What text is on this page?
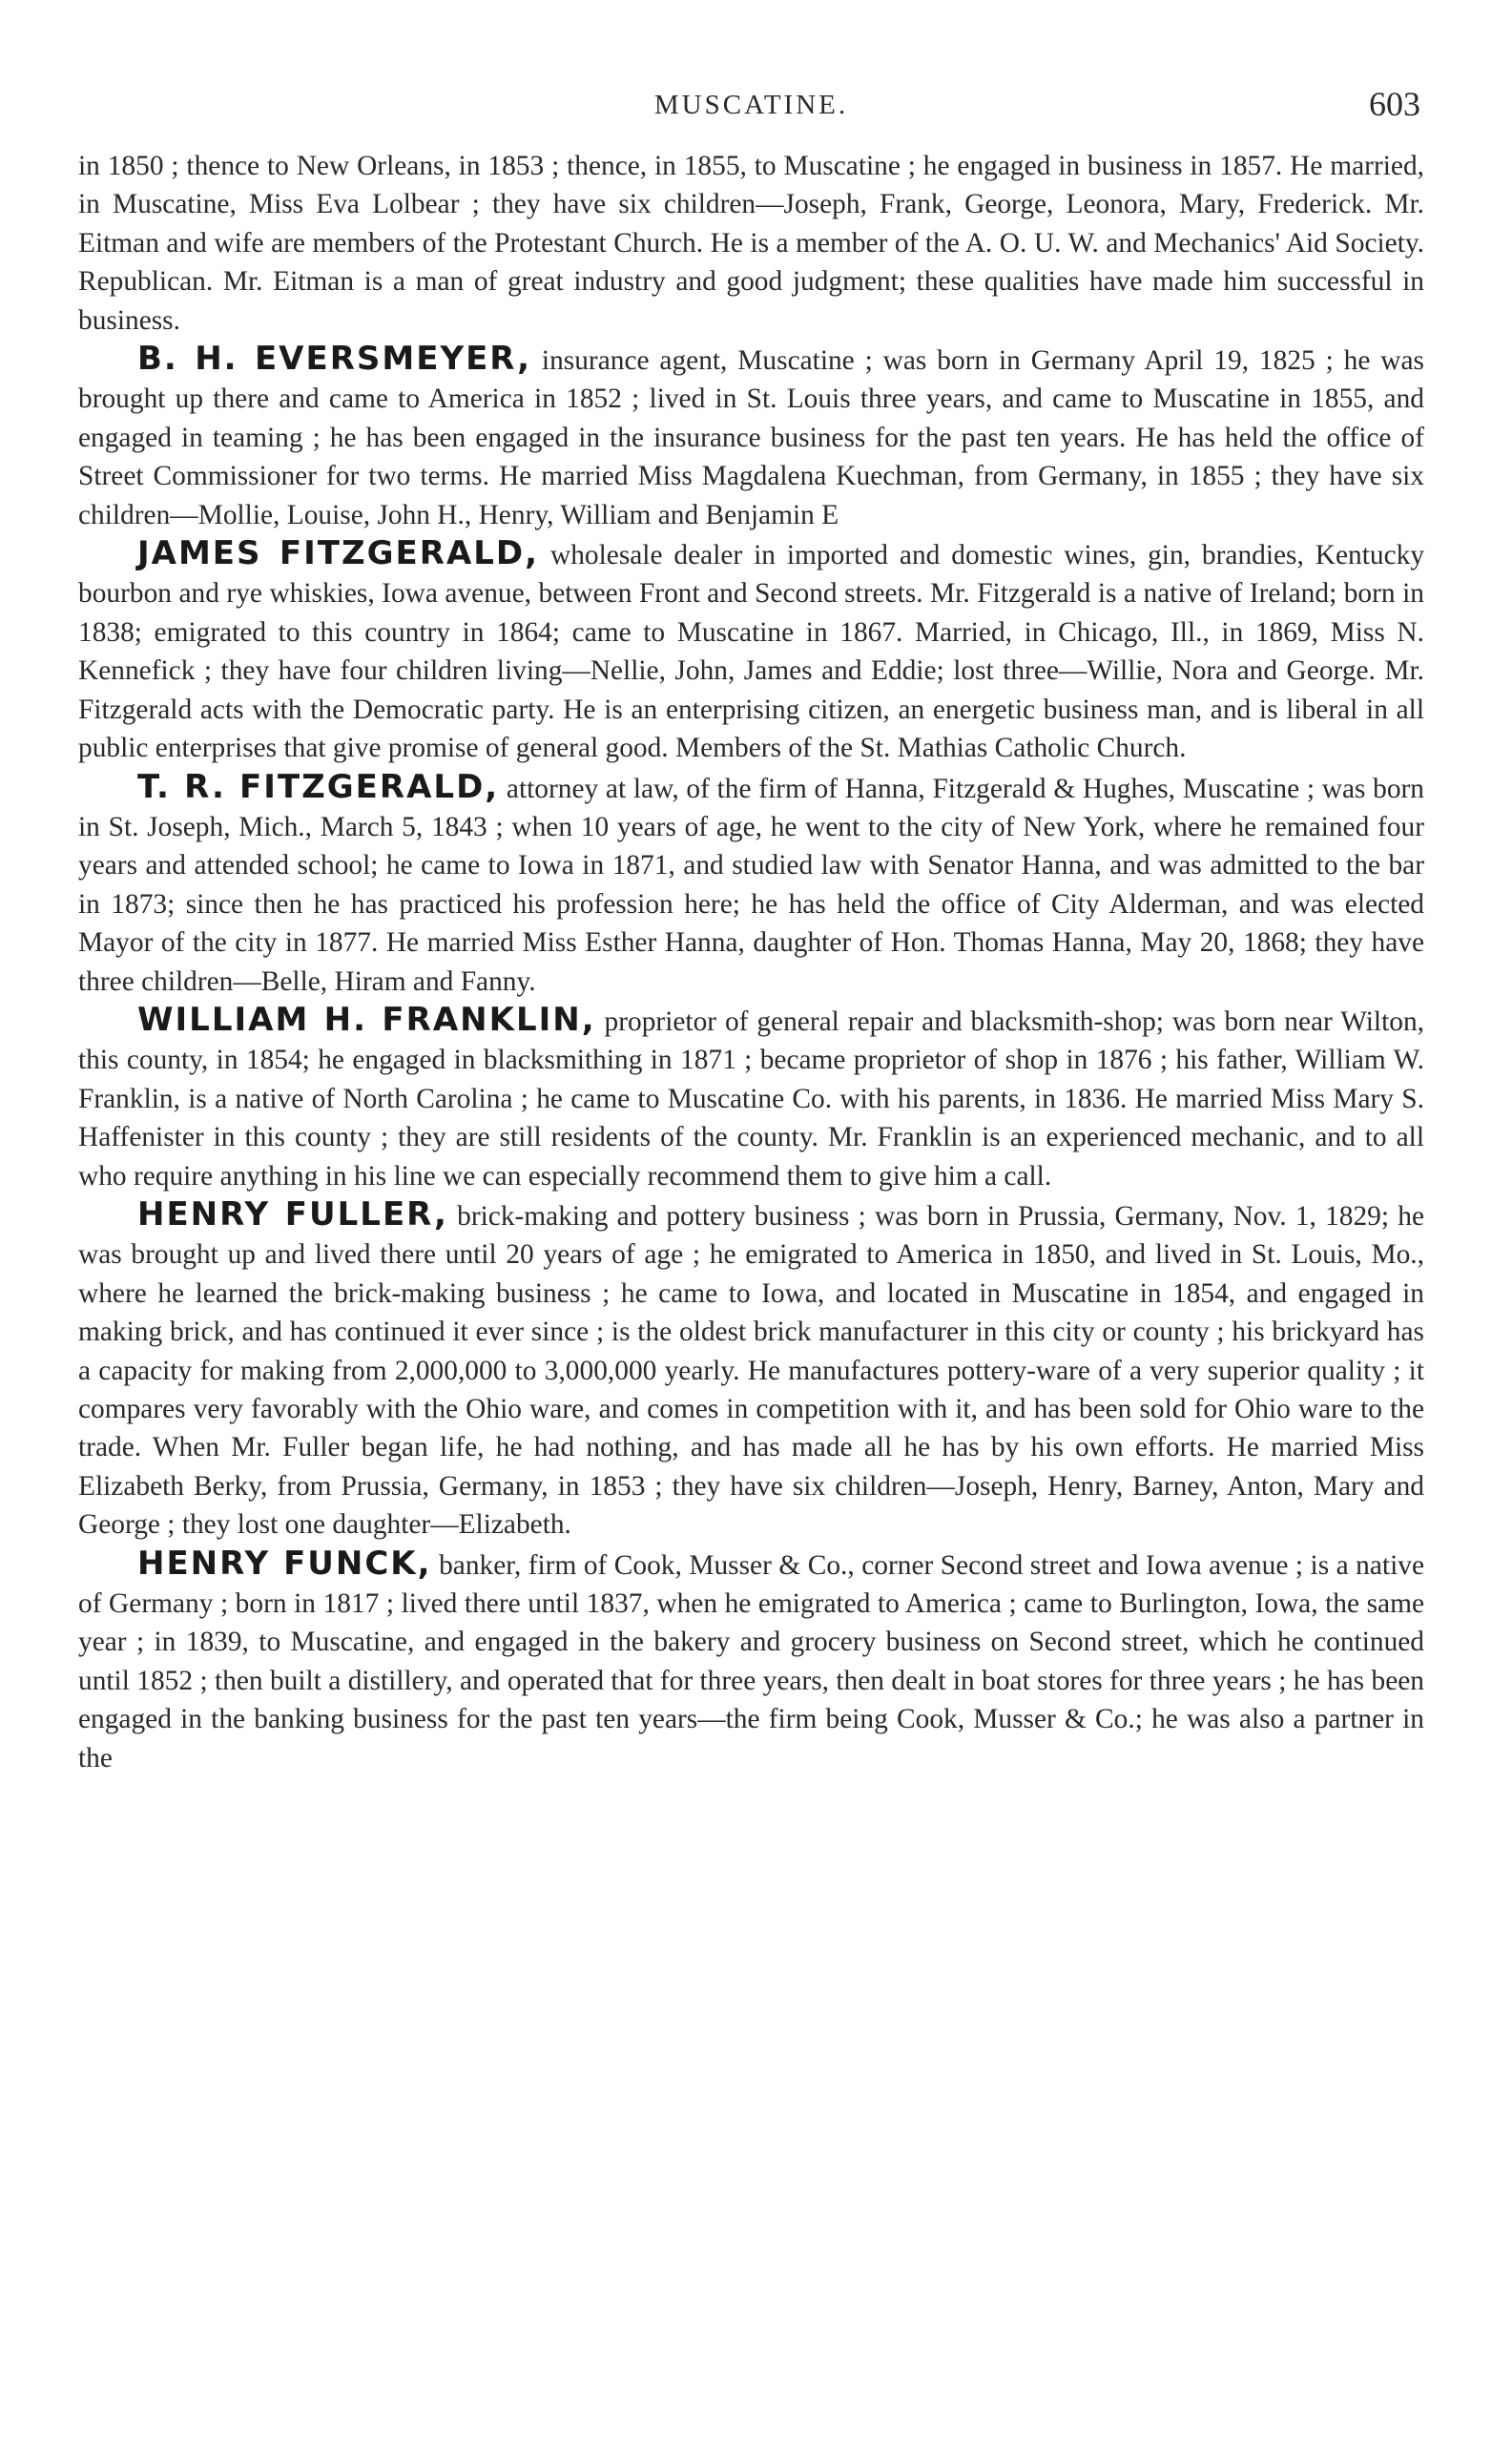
MUSCATINE.	603

in 1850 ; thence to New Orleans, in 1853 ; thence, in 1855, to Muscatine ; he engaged in business in 1857. He married, in Muscatine, Miss Eva Lolbear ; they have six children—Joseph, Frank, George, Leonora, Mary, Frederick. Mr. Eitman and wife are members of the Protestant Church. He is a member of the A. O. U. W. and Mechanics' Aid Society. Republican. Mr. Eitman is a man of great industry and good judgment; these qualities have made him successful in business.

B. H. EVERSMEYER, insurance agent, Muscatine ; was born in Germany April 19, 1825 ; he was brought up there and came to America in 1852 ; lived in St. Louis three years, and came to Muscatine in 1855, and engaged in teaming ; he has been engaged in the insurance business for the past ten years. He has held the office of Street Commissioner for two terms. He married Miss Magdalena Kuechman, from Germany, in 1855 ; they have six children—Mollie, Louise, John H., Henry, William and Benjamin E

JAMES FITZGERALD, wholesale dealer in imported and domestic wines, gin, brandies, Kentucky bourbon and rye whiskies, Iowa avenue, between Front and Second streets. Mr. Fitzgerald is a native of Ireland; born in 1838; emigrated to this country in 1864; came to Muscatine in 1867. Married, in Chicago, Ill., in 1869, Miss N. Kennefick ; they have four children living—Nellie, John, James and Eddie; lost three—Willie, Nora and George. Mr. Fitzgerald acts with the Democratic party. He is an enterprising citizen, an energetic business man, and is liberal in all public enterprises that give promise of general good. Members of the St. Mathias Catholic Church.

T. R. FITZGERALD, attorney at law, of the firm of Hanna, Fitzgerald & Hughes, Muscatine ; was born in St. Joseph, Mich., March 5, 1843 ; when 10 years of age, he went to the city of New York, where he remained four years and attended school; he came to Iowa in 1871, and studied law with Senator Hanna, and was admitted to the bar in 1873; since then he has practiced his profession here; he has held the office of City Alderman, and was elected Mayor of the city in 1877. He married Miss Esther Hanna, daughter of Hon. Thomas Hanna, May 20, 1868; they have three children—Belle, Hiram and Fanny.

WILLIAM H. FRANKLIN, proprietor of general repair and blacksmith-shop; was born near Wilton, this county, in 1854; he engaged in blacksmithing in 1871 ; became proprietor of shop in 1876 ; his father, William W. Franklin, is a native of North Carolina ; he came to Muscatine Co. with his parents, in 1836. He married Miss Mary S. Haffenister in this county ; they are still residents of the county. Mr. Franklin is an experienced mechanic, and to all who require anything in his line we can especially recommend them to give him a call.

HENRY FULLER, brick-making and pottery business ; was born in Prussia, Germany, Nov. 1, 1829; he was brought up and lived there until 20 years of age ; he emigrated to America in 1850, and lived in St. Louis, Mo., where he learned the brick-making business ; he came to Iowa, and located in Muscatine in 1854, and engaged in making brick, and has continued it ever since ; is the oldest brick manufacturer in this city or county ; his brickyard has a capacity for making from 2,000,000 to 3,000,000 yearly. He manufactures pottery-ware of a very superior quality ; it compares very favorably with the Ohio ware, and comes in competition with it, and has been sold for Ohio ware to the trade. When Mr. Fuller began life, he had nothing, and has made all he has by his own efforts. He married Miss Elizabeth Berky, from Prussia, Germany, in 1853 ; they have six children—Joseph, Henry, Barney, Anton, Mary and George ; they lost one daughter—Elizabeth.

HENRY FUNCK, banker, firm of Cook, Musser & Co., corner Second street and Iowa avenue ; is a native of Germany ; born in 1817 ; lived there until 1837, when he emigrated to America ; came to Burlington, Iowa, the same year ; in 1839, to Muscatine, and engaged in the bakery and grocery business on Second street, which he continued until 1852 ; then built a distillery, and operated that for three years, then dealt in boat stores for three years ; he has been engaged in the banking business for the past ten years—the firm being Cook, Musser & Co.; he was also a partner in the
